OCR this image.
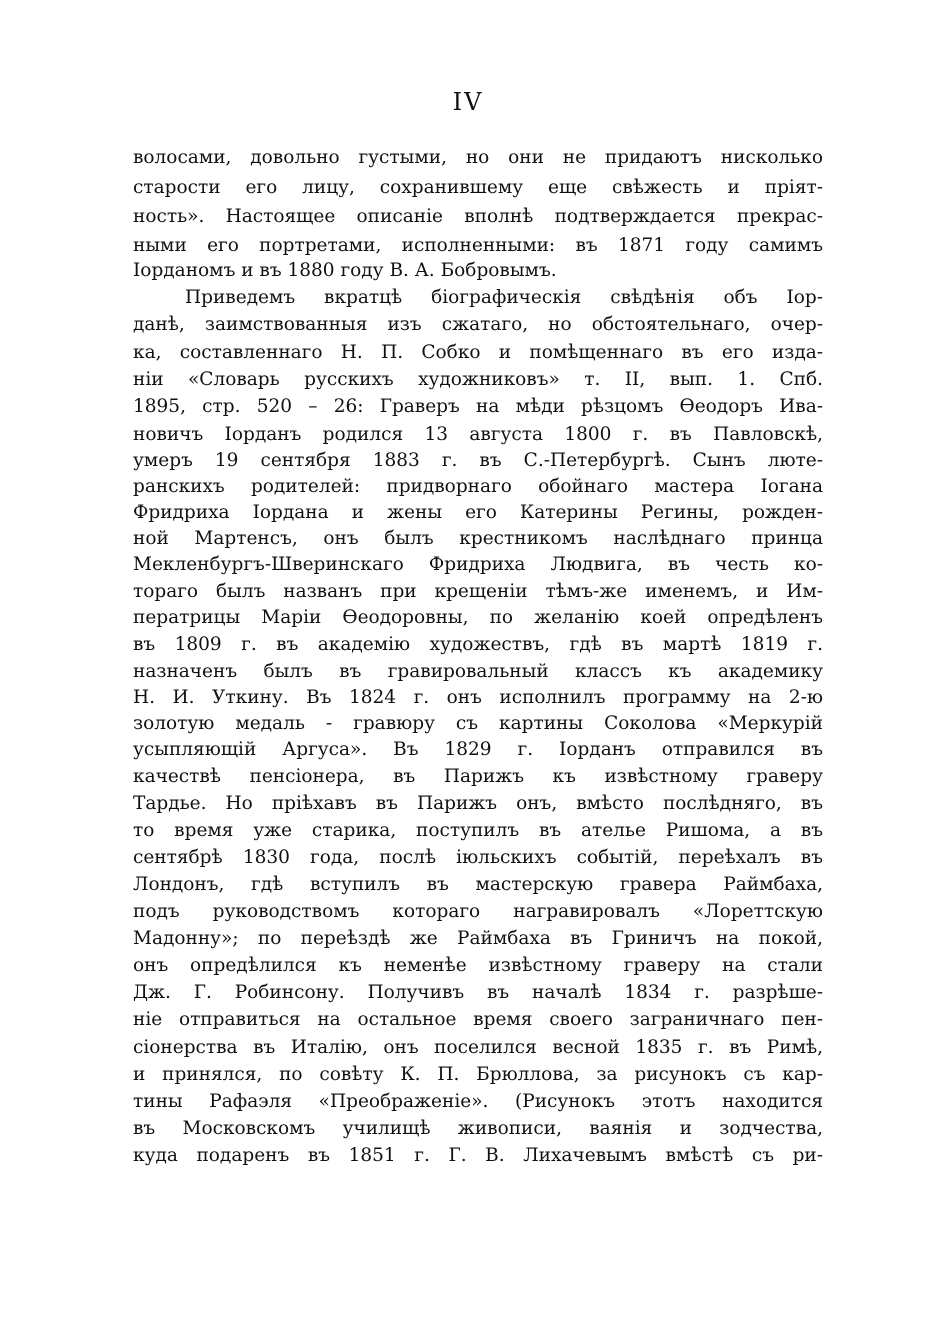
IV
волосами, довольно густыми, но они не придаютъ нисколько
старости его лицу, сохранившему еще свѣжесть и пріят-
ность». Настоящее описаніе вполнѣ подтверждается прекрас-
ными его портретами, исполненными: въ 1871 году самимъ
Іорданомъ и въ 1880 году В. А. Бобровымъ.
Приведемъ вкратцѣ біографическія свѣдѣнія объ Іор-
данѣ, заимствованныя изъ сжатаго, но обстоятельнаго, очер-
ка, составленнаго Н. П. Собко и помѣщеннаго въ его изда-
ніи «Словарь русскихъ художниковъ» т. II, вып. 1. Спб.
1895, стр. 520 – 26: Граверъ на мѣди рѣзцомъ Ѳеодоръ Ива-
новичъ Іорданъ родился 13 августа 1800 г. въ Павловскѣ,
умеръ 19 сентября 1883 г. въ С.-Петербургѣ. Сынъ люте-
ранскихъ родителей: придворнаго обойнаго мастера Іогана
Фридриха Іордана и жены его Катерины Регины, рожден-
ной Мартенсъ, онъ былъ крестникомъ наслѣднаго принца
Мекленбургъ-Шверинскаго Фридриха Людвига, въ честь ко-
тораго былъ названъ при крещеніи тѣмъ-же именемъ, и Им-
ператрицы Маріи Ѳеодоровны, по желанію коей опредѣленъ
въ 1809 г. въ академію художествъ, гдѣ въ мартѣ 1819 г.
назначенъ былъ въ гравировальный классъ къ академику
Н. И. Уткину. Въ 1824 г. онъ исполнилъ программу на 2-ю
золотую медаль - гравюру съ картины Соколова «Меркурій
усыпляющій Аргуса». Въ 1829 г. Іорданъ отправился въ
качествѣ пенсіонера, въ Парижъ къ извѣстному граверу
Тардье. Но пріѣхавъ въ Парижъ онъ, вмѣсто послѣдняго, въ
то время уже старика, поступилъ въ ателье Ришома, а въ
сентябрѣ 1830 года, послѣ іюльскихъ событій, переѣхалъ въ
Лондонъ, гдѣ вступилъ въ мастерскую гравера Раймбаха,
подъ руководствомъ котораго награвировалъ «Лореттскую
Мадонну»; по переѣздѣ же Раймбаха въ Гриничъ на покой,
онъ опредѣлился къ неменѣе извѣстному граверу на стали
Дж. Г. Робинсону. Получивъ въ началѣ 1834 г. разрѣше-
ніе отправиться на остальное время своего заграничнаго пен-
сіонерства въ Италію, онъ поселился весной 1835 г. въ Римѣ,
и принялся, по совѣту К. П. Брюллова, за рисунокъ съ кар-
тины Рафаэля «Преображеніе». (Рисунокъ этотъ находится
въ Московскомъ училищѣ живописи, ваянія и зодчества,
куда подаренъ въ 1851 г. Г. В. Лихачевымъ вмѣстѣ съ ри-
